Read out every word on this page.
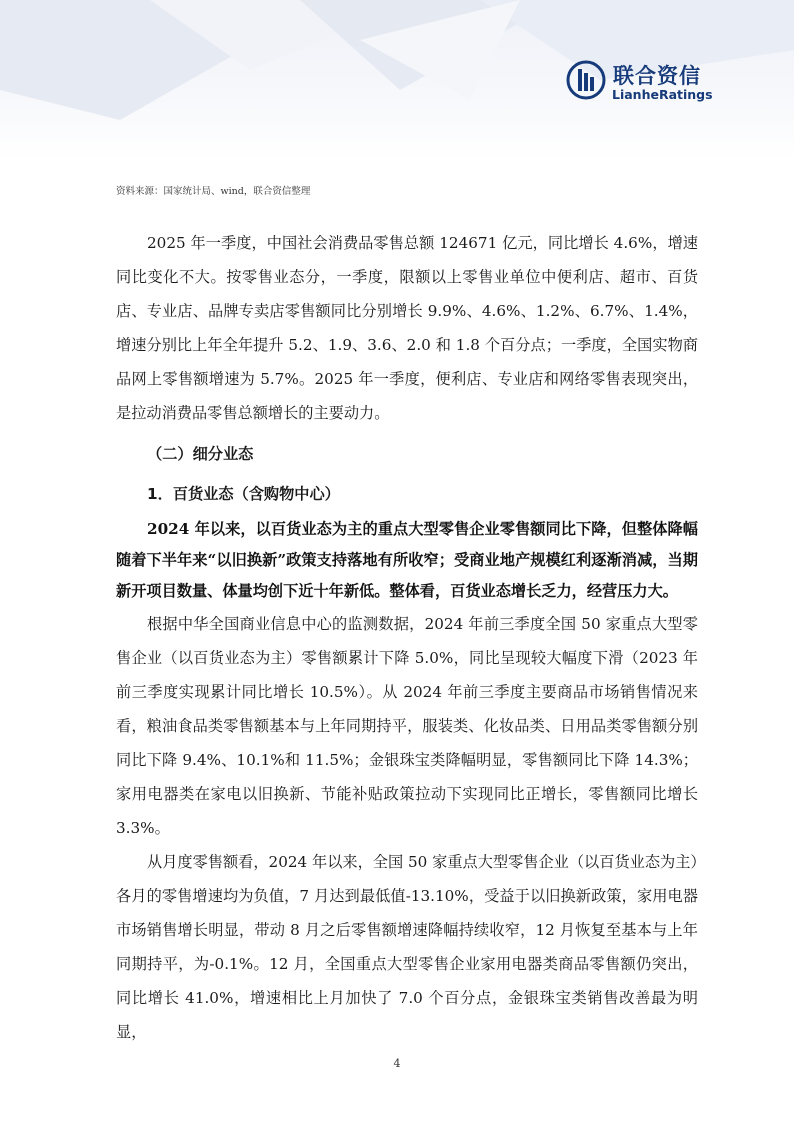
联合资信
LianheRatings
资料来源：国家统计局、wind，联合资信整理

2025 年一季度，中国社会消费品零售总额 124671 亿元，同比增长 4.6%，增速同比变化不大。按零售业态分，一季度，限额以上零售业单位中便利店、超市、百货店、专业店、品牌专卖店零售额同比分别增长 9.9%、4.6%、1.2%、6.7%、1.4%，增速分别比上年全年提升 5.2、1.9、3.6、2.0 和 1.8 个百分点；一季度，全国实物商品网上零售额增速为 5.7%。2025 年一季度，便利店、专业店和网络零售表现突出，是拉动消费品零售总额增长的主要动力。

（二）细分业态

1．百货业态（含购物中心）

2024 年以来，以百货业态为主的重点大型零售企业零售额同比下降，但整体降幅随着下半年来“以旧换新”政策支持落地有所收窄；受商业地产规模红利逐渐消减，当期新开项目数量、体量均创下近十年新低。整体看，百货业态增长乏力，经营压力大。

根据中华全国商业信息中心的监测数据，2024 年前三季度全国 50 家重点大型零售企业（以百货业态为主）零售额累计下降 5.0%，同比呈现较大幅度下滑（2023 年前三季度实现累计同比增长 10.5%）。从 2024 年前三季度主要商品市场销售情况来看，粮油食品类零售额基本与上年同期持平，服装类、化妆品类、日用品类零售额分别同比下降 9.4%、10.1%和 11.5%；金银珠宝类降幅明显，零售额同比下降 14.3%；家用电器类在家电以旧换新、节能补贴政策拉动下实现同比正增长，零售额同比增长 3.3%。

从月度零售额看，2024 年以来，全国 50 家重点大型零售企业（以百货业态为主）各月的零售增速均为负值，7 月达到最低值-13.10%，受益于以旧换新政策，家用电器市场销售增长明显，带动 8 月之后零售额增速降幅持续收窄，12 月恢复至基本与上年同期持平，为-0.1%。12 月，全国重点大型零售企业家用电器类商品零售额仍突出，同比增长 41.0%，增速相比上月加快了 7.0 个百分点，金银珠宝类销售改善最为明显，

4
